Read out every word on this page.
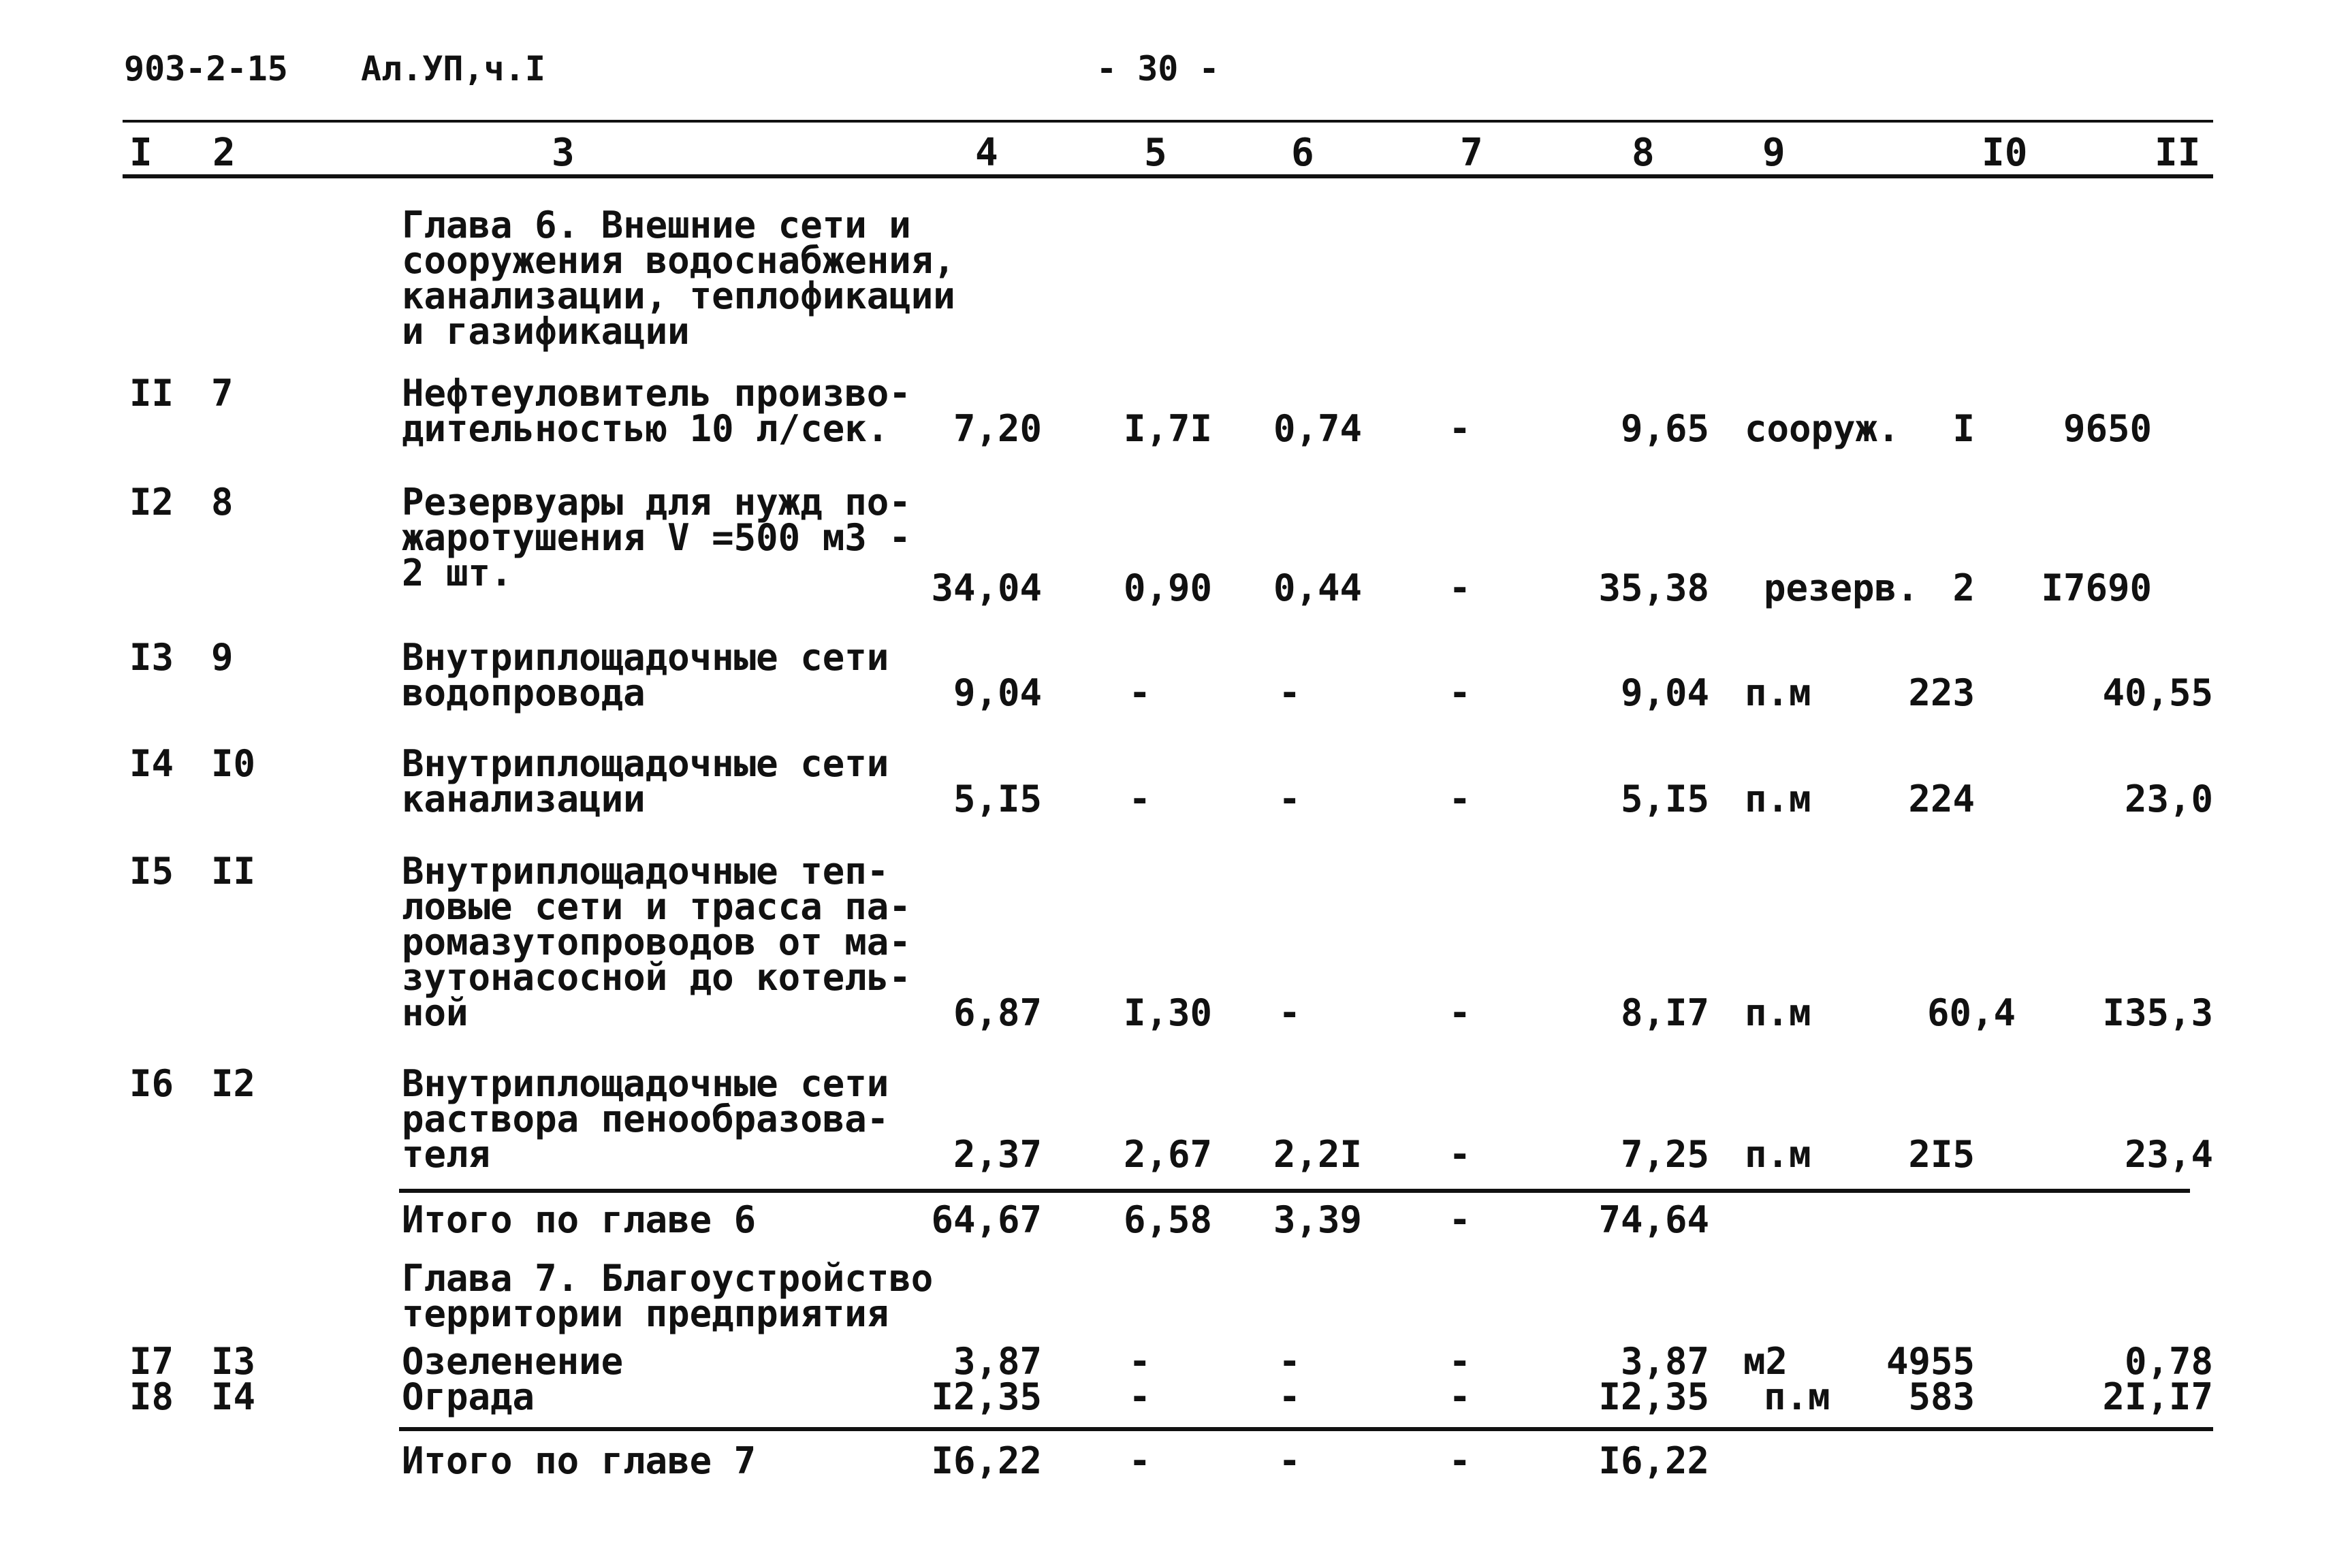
903-2-15 Ал.УП,ч.I	- 30 -
I 2	3	4	5	6	7	8	9	I0	II
Глава 6. Внешние сети и
сооружения водоснабжения,
канализации, теплофикации
и газификации
II 7	Нефтеуловитель произво-
дительностью 10 л/сек.	7,20	I,7I	0,74	-	9,65 сооруж.	I	9650
I2 8	Резервуары для нужд по-
жаротушения V =500 м3 -
2 шт.	34,04	0,90	0,44	-	35,38 резерв. 2	I7690
I3 9	Внутриплощадочные сети
водопровода	9,04	-	-	-	9,04 п.м	223	40,55
I4 I0	Внутриплощадочные сети
канализации	5,I5	-	-	-	5,I5 п.м	224	23,0
I5 II	Внутриплощадочные теп-
ловые сети и трасса па-
ромазутопроводов от ма-
зутонасосной до котель-
ной	6,87	I,30	-	-	8,I7 п.м	60,4	I35,3
I6 I2	Внутриплощадочные сети
раствора пенообразова-
теля	2,37	2,67	2,2I	-	7,25 п.м	2I5	23,4
Итого по главе 6	64,67	6,58	3,39	-	74,64
Глава 7. Благоустройство
территории предприятия
I7 I3	Озеленение	3,87	-	-	-	3,87 м2	4955	0,78
I8 I4	Ограда	I2,35	-	-	-	I2,35 п.м	583	2I,I7
Итого по главе 7	I6,22	-	-	-	I6,22
